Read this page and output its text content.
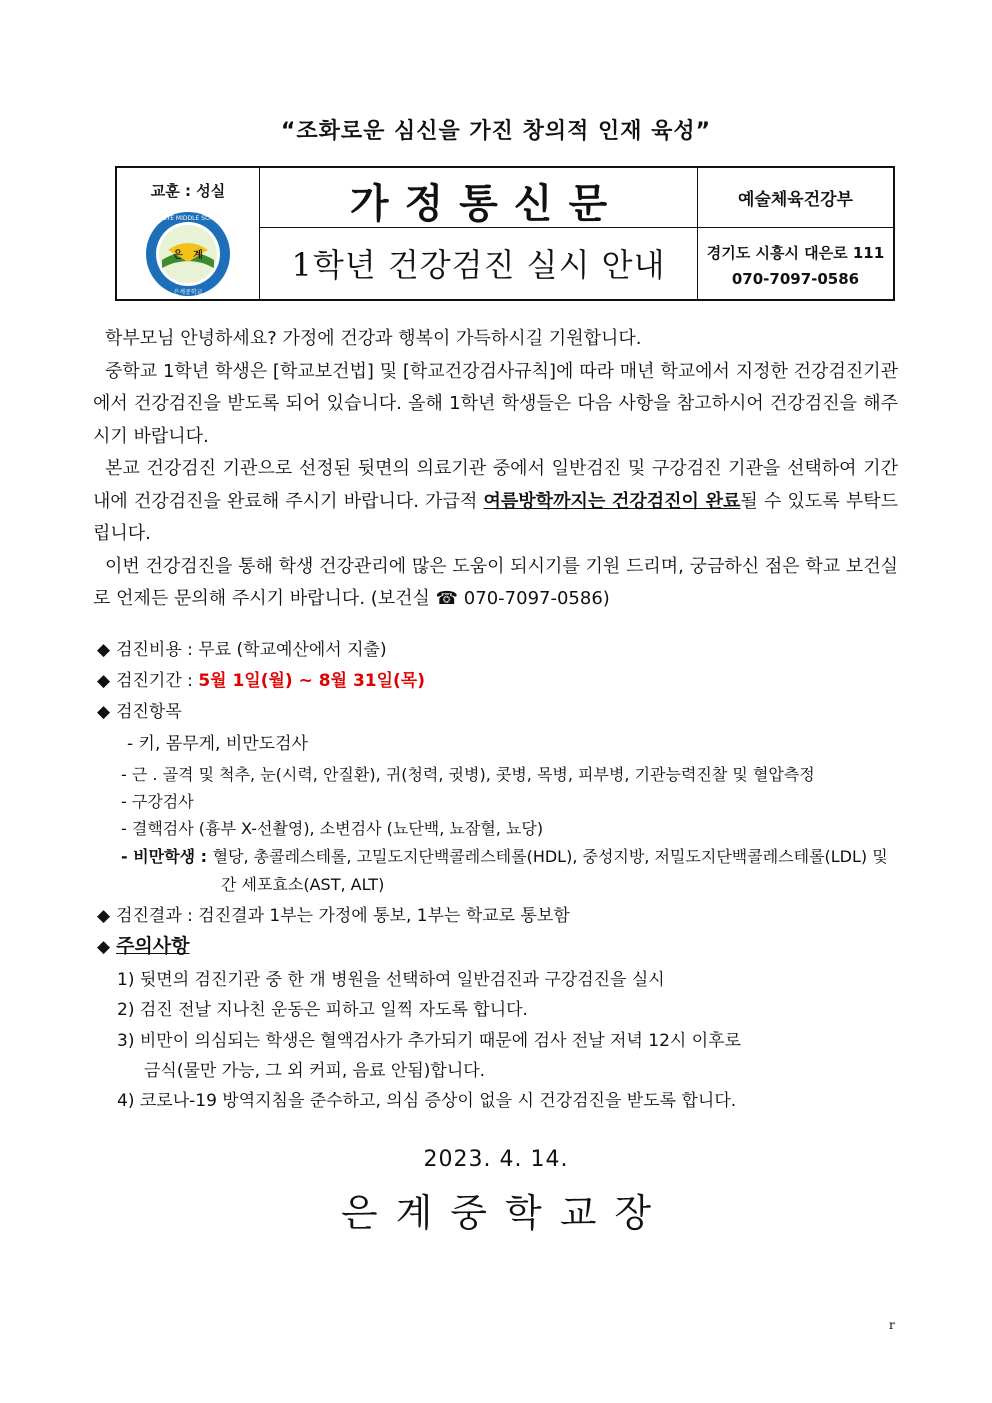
“조화로운 심신을 가진 창의적 인재 육성”
교훈 : 성실
EUNGYE MIDDLE SCHOOL
은 계
은계중학교
가정통신문
1학년 건강검진 실시 안내
예술체육건강부
경기도 시흥시 대은로 111
070-7097-0586

학부모님 안녕하세요? 가정에 건강과 행복이 가득하시길 기원합니다.

중학교 1학년 학생은 [학교보건법] 및 [학교건강검사규칙]에 따라 매년 학교에서 지정한 건강검진기관에서 건강검진을 받도록 되어 있습니다. 올해 1학년 학생들은 다음 사항을 참고하시어 건강검진을 해주시기 바랍니다.

본교 건강검진 기관으로 선정된 뒷면의 의료기관 중에서 일반검진 및 구강검진 기관을 선택하여 기간 내에 건강검진을 완료해 주시기 바랍니다. 가급적 여름방학까지는 건강검진이 완료될 수 있도록 부탁드립니다.

이번 건강검진을 통해 학생 건강관리에 많은 도움이 되시기를 기원 드리며, 궁금하신 점은 학교 보건실로 언제든 문의해 주시기 바랍니다. (보건실 ☎ 070-7097-0586)

◆ 검진비용 : 무료 (학교예산에서 지출)
◆ 검진기간 : 5월 1일(월) ~ 8월 31일(목)
◆ 검진항목
- 키, 몸무게, 비만도검사
- 근 . 골격 및 척추, 눈(시력, 안질환), 귀(청력, 귓병), 콧병, 목병, 피부병, 기관능력진찰 및 혈압측정
- 구강검사
- 결핵검사 (흉부 X-선촬영), 소변검사 (뇨단백, 뇨잠혈, 뇨당)
- 비만학생 : 혈당, 총콜레스테롤, 고밀도지단백콜레스테롤(HDL), 중성지방, 저밀도지단백콜레스테롤(LDL) 및
간 세포효소(AST, ALT)
◆ 검진결과 : 검진결과 1부는 가정에 통보, 1부는 학교로 통보함
◆ 주의사항
1) 뒷면의 검진기관 중 한 개 병원을 선택하여 일반검진과 구강검진을 실시
2) 검진 전날 지나친 운동은 피하고 일찍 자도록 합니다.
3) 비만이 의심되는 학생은 혈액검사가 추가되기 때문에 검사 전날 저녁 12시 이후로
금식(물만 가능, 그 외 커피, 음료 안됨)합니다.
4) 코로나-19 방역지침을 준수하고, 의심 증상이 없을 시 건강검진을 받도록 합니다.
2023. 4. 14.
은계중학교장
r
